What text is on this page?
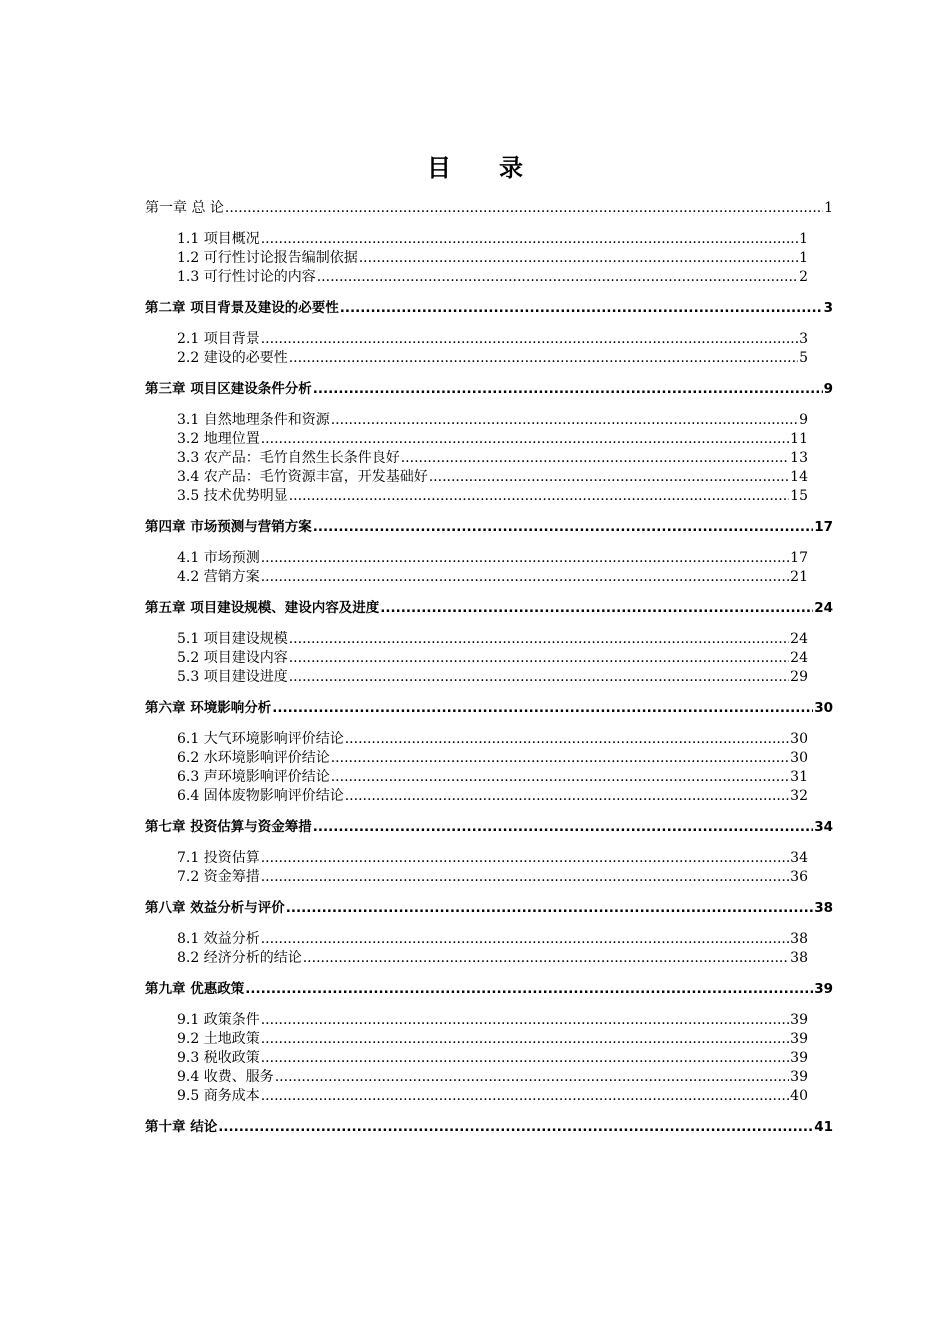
目 录
第一章 总 论 .....	1
1.1 项目概况 .....	1
1.2 可行性讨论报告编制依据 .....	1
1.3 可行性讨论的内容 .....	2
第二章 项目背景及建设的必要性 .....	3
2.1 项目背景 .....	3
2.2 建设的必要性 .....	5
第三章 项目区建设条件分析 .....	9
3.1 自然地理条件和资源 .....	9
3.2 地理位置 .....	11
3.3 农产品：毛竹自然生长条件良好 .....	13
3.4 农产品：毛竹资源丰富，开发基础好 .....	14
3.5 技术优势明显 .....	15
第四章 市场预测与营销方案 .....	17
4.1 市场预测 .....	17
4.2 营销方案 .....	21
第五章 项目建设规模、建设内容及进度 .....	24
5.1 项目建设规模 .....	24
5.2 项目建设内容 .....	24
5.3 项目建设进度 .....	29
第六章 环境影响分析 .....	30
6.1 大气环境影响评价结论 .....	30
6.2 水环境影响评价结论 .....	30
6.3 声环境影响评价结论 .....	31
6.4 固体废物影响评价结论 .....	32
第七章 投资估算与资金筹措 .....	34
7.1 投资估算 .....	34
7.2 资金筹措 .....	36
第八章 效益分析与评价 .....	38
8.1 效益分析 .....	38
8.2 经济分析的结论 .....	38
第九章 优惠政策 .....	39
9.1 政策条件 .....	39
9.2 土地政策 .....	39
9.3 税收政策 .....	39
9.4 收费、服务 .....	39
9.5 商务成本 .....	40
第十章 结论 .....	41
